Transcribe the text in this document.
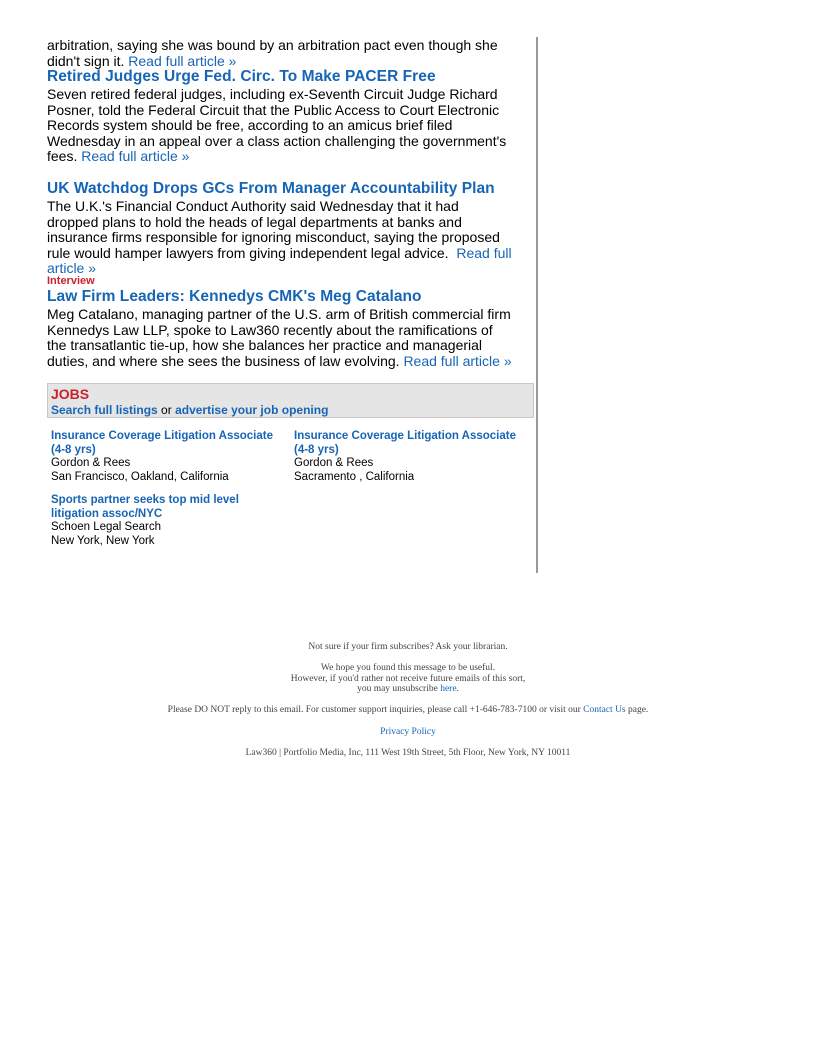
arbitration, saying she was bound by an arbitration pact even though she didn't sign it. Read full article »

Retired Judges Urge Fed. Circ. To Make PACER Free

Seven retired federal judges, including ex-Seventh Circuit Judge Richard Posner, told the Federal Circuit that the Public Access to Court Electronic Records system should be free, according to an amicus brief filed Wednesday in an appeal over a class action challenging the government's fees. Read full article »

UK Watchdog Drops GCs From Manager Accountability Plan

The U.K.'s Financial Conduct Authority said Wednesday that it had dropped plans to hold the heads of legal departments at banks and insurance firms responsible for ignoring misconduct, saying the proposed rule would hamper lawyers from giving independent legal advice. Read full article »

Interview

Law Firm Leaders: Kennedys CMK's Meg Catalano

Meg Catalano, managing partner of the U.S. arm of British commercial firm Kennedys Law LLP, spoke to Law360 recently about the ramifications of the transatlantic tie-up, how she balances her practice and managerial duties, and where she sees the business of law evolving. Read full article »

JOBS
Search full listings or advertise your job opening
Insurance Coverage Litigation Associate (4-8 yrs)
Gordon & Rees
San Francisco, Oakland, California
Insurance Coverage Litigation Associate (4-8 yrs)
Gordon & Rees
Sacramento , California
Sports partner seeks top mid level litigation assoc/NYC
Schoen Legal Search
New York, New York
Not sure if your firm subscribes? Ask your librarian.
We hope you found this message to be useful.
However, if you'd rather not receive future emails of this sort,
you may unsubscribe here.
Please DO NOT reply to this email. For customer support inquiries, please call +1-646-783-7100 or visit our Contact Us page.
Privacy Policy
Law360 | Portfolio Media, Inc, 111 West 19th Street, 5th Floor, New York, NY 10011
